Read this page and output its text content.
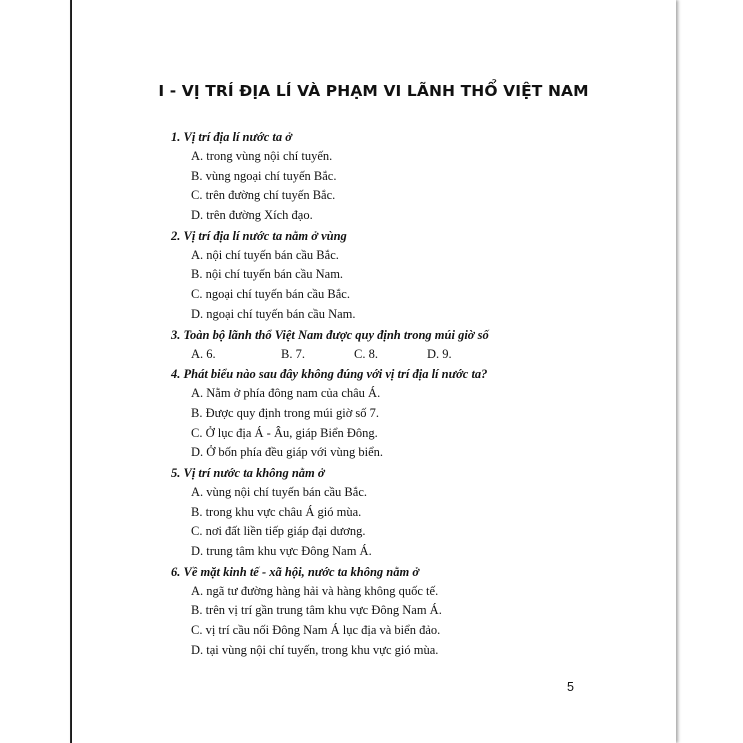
I - VỊ TRÍ ĐỊA LÍ VÀ PHẠM VI LÃNH THỔ VIỆT NAM
1. Vị trí địa lí nước ta ở
A. trong vùng nội chí tuyến.
B. vùng ngoại chí tuyến Bắc.
C. trên đường chí tuyến Bắc.
D. trên đường Xích đạo.
2. Vị trí địa lí nước ta nằm ở vùng
A. nội chí tuyến bán cầu Bắc.
B. nội chí tuyến bán cầu Nam.
C. ngoại chí tuyến bán cầu Bắc.
D. ngoại chí tuyến bán cầu Nam.
3. Toàn bộ lãnh thổ Việt Nam được quy định trong múi giờ số
A. 6.	B. 7.	C. 8.	D. 9.
4. Phát biểu nào sau đây không đúng với vị trí địa lí nước ta?
A. Nằm ở phía đông nam của châu Á.
B. Được quy định trong múi giờ số 7.
C. Ở lục địa Á - Âu, giáp Biển Đông.
D. Ở bốn phía đều giáp với vùng biển.
5. Vị trí nước ta không nằm ở
A. vùng nội chí tuyến bán cầu Bắc.
B. trong khu vực châu Á gió mùa.
C. nơi đất liền tiếp giáp đại dương.
D. trung tâm khu vực Đông Nam Á.
6. Về mặt kinh tế - xã hội, nước ta không nằm ở
A. ngã tư đường hàng hải và hàng không quốc tế.
B. trên vị trí gần trung tâm khu vực Đông Nam Á.
C. vị trí cầu nối Đông Nam Á lục địa và biển đảo.
D. tại vùng nội chí tuyến, trong khu vực gió mùa.
5
